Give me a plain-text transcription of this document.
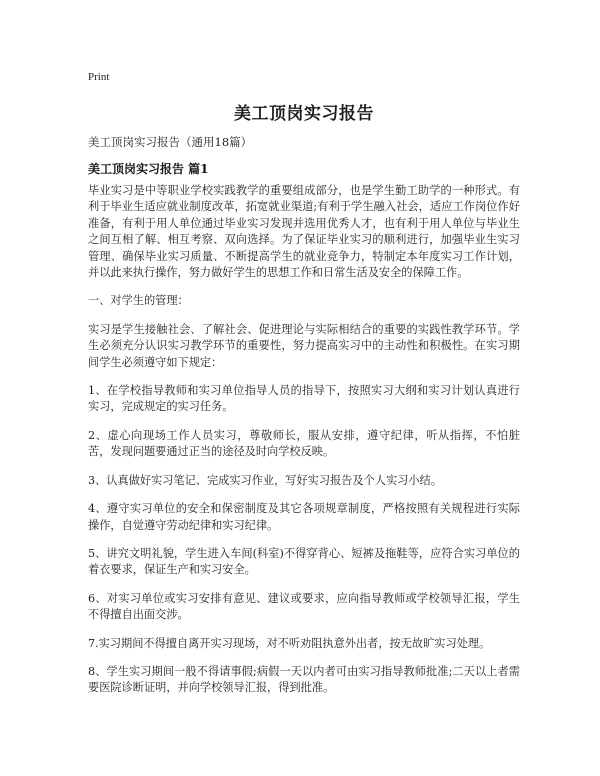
Print
美工顶岗实习报告
美工顶岗实习报告（通用18篇）
美工顶岗实习报告 篇1

毕业实习是中等职业学校实践教学的重要组成部分，也是学生勤工助学的一种形式。有利于毕业生适应就业制度改革，拓宽就业渠道;有利于学生融入社会，适应工作岗位作好准备，有利于用人单位通过毕业实习发现并选用优秀人才，也有利于用人单位与毕业生之间互相了解、相互考察、双向选择。为了保证毕业实习的顺利进行，加强毕业生实习管理、确保毕业实习质量、不断提高学生的就业竞争力，特制定本年度实习工作计划，并以此来执行操作，努力做好学生的思想工作和日常生活及安全的保障工作。

一、对学生的管理：

实习是学生接触社会、了解社会、促进理论与实际相结合的重要的实践性教学环节。学生必须充分认识实习教学环节的重要性，努力提高实习中的主动性和积极性。在实习期间学生必须遵守如下规定：

1、在学校指导教师和实习单位指导人员的指导下，按照实习大纲和实习计划认真进行实习，完成规定的实习任务。

2、虚心向现场工作人员实习，尊敬师长，服从安排，遵守纪律，听从指挥，不怕脏苦，发现问题要通过正当的途径及时向学校反映。

3、认真做好实习笔记、完成实习作业，写好实习报告及个人实习小结。

4、遵守实习单位的安全和保密制度及其它各项规章制度，严格按照有关规程进行实际操作，自觉遵守劳动纪律和实习纪律。

5、讲究文明礼貌，学生进入车间(科室)不得穿背心、短裤及拖鞋等，应符合实习单位的着衣要求，保证生产和实习安全。

6、对实习单位或实习安排有意见、建议或要求，应向指导教师或学校领导汇报，学生不得擅自出面交涉。

7.实习期间不得擅自离开实习现场，对不听劝阻执意外出者，按无故旷实习处理。

8、学生实习期间一般不得请事假;病假一天以内者可由实习指导教师批准;二天以上者需要医院诊断证明，并向学校领导汇报，得到批准。
